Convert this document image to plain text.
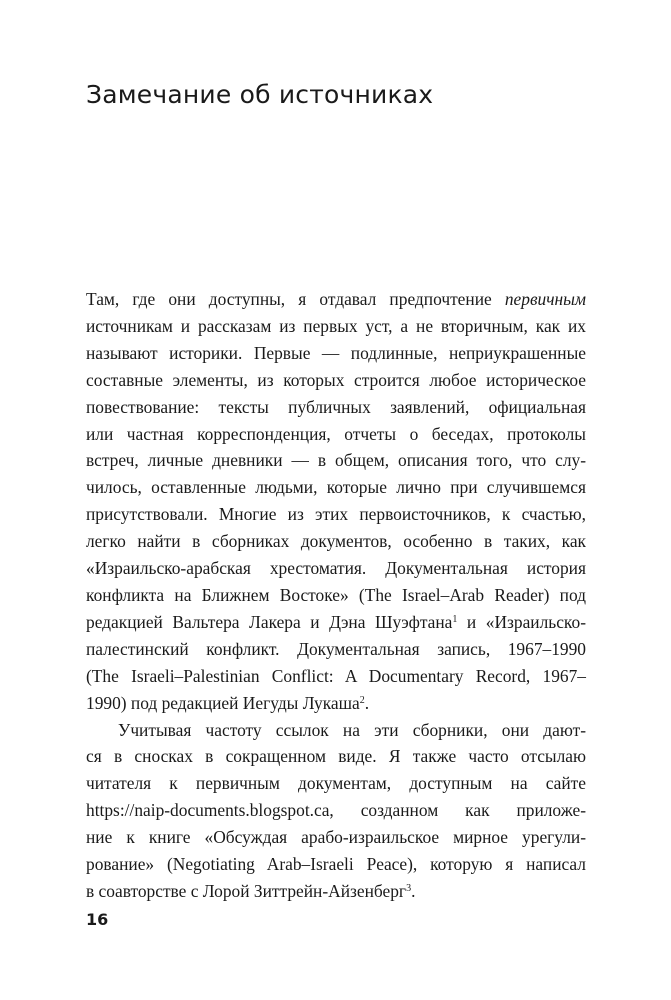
Замечание об источниках
Там, где они доступны, я отдавал предпочтение первичным
источникам и рассказам из первых уст, а не вторичным, как их
называют историки. Первые — подлинные, неприукрашенные
составные элементы, из которых строится любое историческое
повествование: тексты публичных заявлений, официальная
или частная корреспонденция, отчеты о беседах, протоколы
встреч, личные дневники — в общем, описания того, что слу-
чилось, оставленные людьми, которые лично при случившемся
присутствовали. Многие из этих первоисточников, к счастью,
легко найти в сборниках документов, особенно в таких, как
«Израильско-арабская хрестоматия. Документальная история
конфликта на Ближнем Востоке» (The Israel–Arab Reader) под
редакцией Вальтера Лакера и Дэна Шуэфтана$^1$ и «Израильско-
палестинский конфликт. Документальная запись, 1967–1990
(The Israeli–Palestinian Conflict: A Documentary Record, 1967–
1990) под редакцией Иегуды Лукаша$^2$.
Учитывая частоту ссылок на эти сборники, они дают-
ся в сносках в сокращенном виде. Я также часто отсылаю
читателя к первичным документам, доступным на сайте
https://naip-documents.blogspot.ca, созданном как приложе-
ние к книге «Обсуждая арабо-израильское мирное урегули-
рование» (Negotiating Arab–Israeli Peace), которую я написал
в соавторстве с Лорой Зиттрейн-Айзенберг$^3$.
16
